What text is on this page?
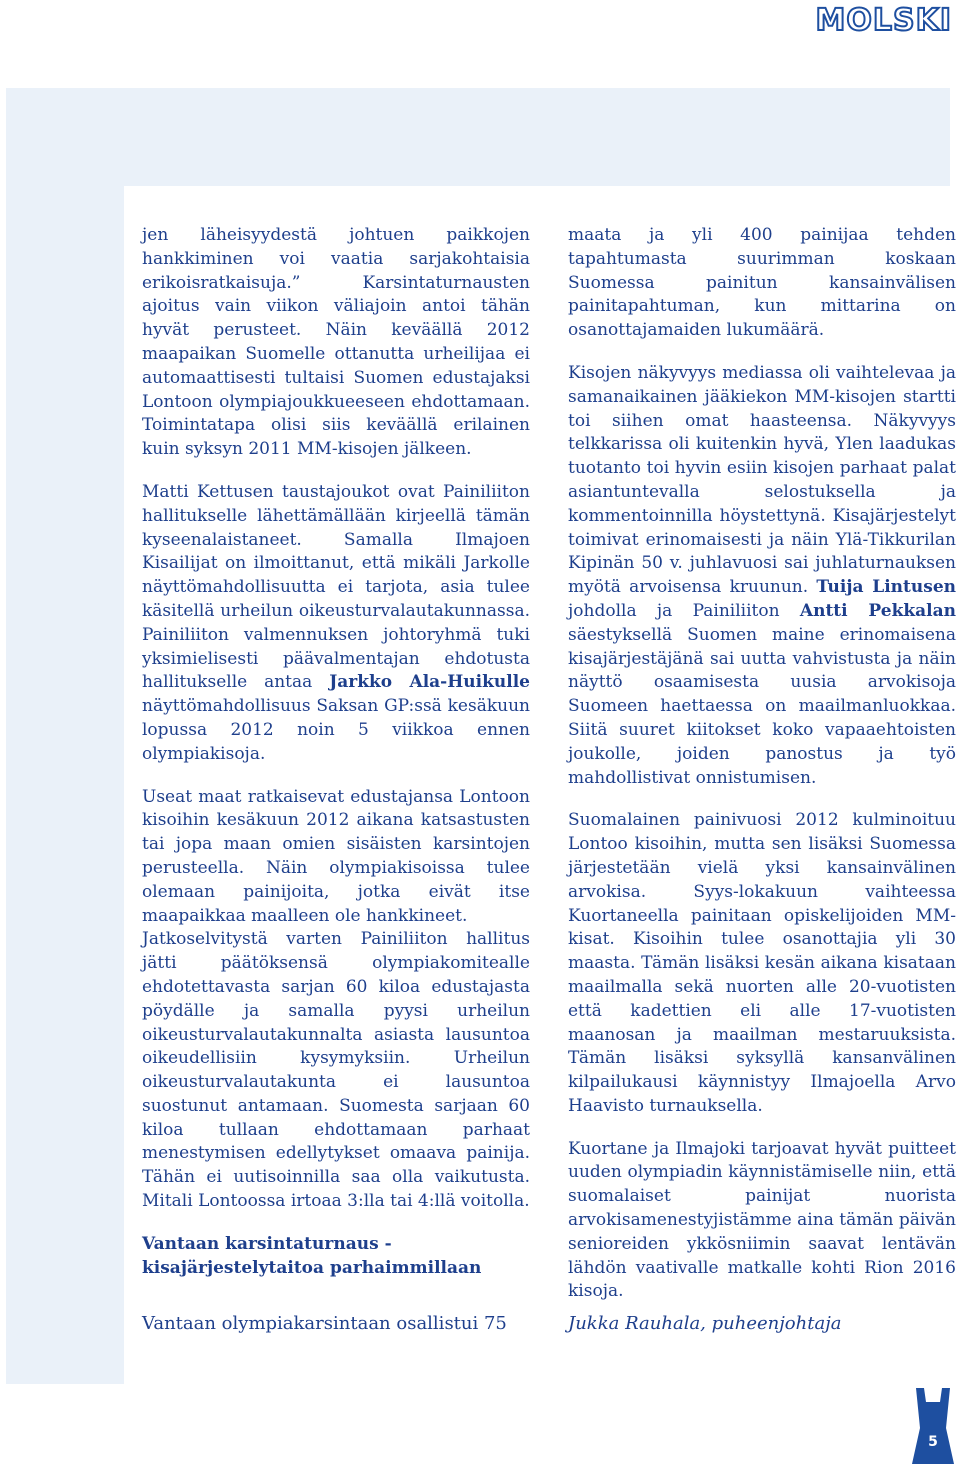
MOLSKI

jen läheisyydestä johtuen paikkojen hankkiminen voi vaatia sarjakohtaisia erikoisratkaisuja.” Karsintaturnausten ajoitus vain viikon väliajoin antoi tähän hyvät perusteet. Näin keväällä 2012 maapaikan Suomelle ottanutta urheilijaa ei automaattisesti tultaisi Suomen edustajaksi Lontoon olympiajoukkueeseen ehdottamaan. Toimintatapa olisi siis keväällä erilainen kuin syksyn 2011 MM-kisojen jälkeen.

Matti Kettusen taustajoukot ovat Painiliiton hallitukselle lähettämällään kirjeellä tämän kyseenalaistaneet. Samalla Ilmajoen Kisailijat on ilmoittanut, että mikäli Jarkolle näyttömahdollisuutta ei tarjota, asia tulee käsitellä urheilun oikeusturvalautakunnassa. Painiliiton valmennuksen johtoryhmä tuki yksimielisesti päävalmentajan ehdotusta hallitukselle antaa Jarkko Ala-Huikulle näyttömahdollisuus Saksan GP:ssä kesäkuun lopussa 2012 noin 5 viikkoa ennen olympiakisoja.

Useat maat ratkaisevat edustajansa Lontoon kisoihin kesäkuun 2012 aikana katsastusten tai jopa maan omien sisäisten karsintojen perusteella. Näin olympiakisoissa tulee olemaan painijoita, jotka eivät itse maapaikkaa maalleen ole hankkineet.

Jatkoselvitystä varten Painiliiton hallitus jätti päätöksensä olympiakomitealle ehdotettavasta sarjan 60 kiloa edustajasta pöydälle ja samalla pyysi urheilun oikeusturvalautakunnalta asiasta lausuntoa oikeudellisiin kysymyksiin. Urheilun oikeusturvalautakunta ei lausuntoa suostunut antamaan. Suomesta sarjaan 60 kiloa tullaan ehdottamaan parhaat menestymisen edellytykset omaava painija. Tähän ei uutisoinnilla saa olla vaikutusta. Mitali Lontoossa irtoaa 3:lla tai 4:llä voitolla.

Vantaan karsintaturnaus -
kisajärjestelytaitoa parhaimmillaan

Vantaan olympiakarsintaan osallistui 75

maata ja yli 400 painijaa tehden tapahtumasta suurimman koskaan Suomessa painitun kansainvälisen painitapahtuman, kun mittarina on osanottajamaiden lukumäärä.

Kisojen näkyvyys mediassa oli vaihtelevaa ja samanaikainen jääkiekon MM-kisojen startti toi siihen omat haasteensa. Näkyvyys telkkarissa oli kuitenkin hyvä, Ylen laadukas tuotanto toi hyvin esiin kisojen parhaat palat asiantuntevalla selostuksella ja kommentoinnilla höystettynä. Kisajärjestelyt toimivat erinomaisesti ja näin Ylä-Tikkurilan Kipinän 50 v. juhlavuosi sai juhlaturnauksen myötä arvoisensa kruunun. Tuija Lintusen johdolla ja Painiliiton Antti Pekkalan säestyksellä Suomen maine erinomaisena kisajärjestäjänä sai uutta vahvistusta ja näin näyttö osaamisesta uusia arvokisoja Suomeen haettaessa on maailmanluokkaa. Siitä suuret kiitokset koko vapaaehtoisten joukolle, joiden panostus ja työ mahdollistivat onnistumisen.

Suomalainen painivuosi 2012 kulminoituu Lontoo kisoihin, mutta sen lisäksi Suomessa järjestetään vielä yksi kansainvälinen arvokisa. Syys-lokakuun vaihteessa Kuortaneella painitaan opiskelijoiden MM-kisat. Kisoihin tulee osanottajia yli 30 maasta. Tämän lisäksi kesän aikana kisataan maailmalla sekä nuorten alle 20-vuotisten että kadettien eli alle 17-vuotisten maanosan ja maailman mestaruuksista. Tämän lisäksi syksyllä kansanvälinen kilpailukausi käynnistyy Ilmajoella Arvo Haavisto turnauksella.

Kuortane ja Ilmajoki tarjoavat hyvät puitteet uuden olympiadin käynnistämiselle niin, että suomalaiset painijat nuorista arvokisamenestyjistämme aina tämän päivän senioreiden ykkösniimin saavat lentävän lähdön vaativalle matkalle kohti Rion 2016 kisoja.

Jukka Rauhala, puheenjohtaja
5
